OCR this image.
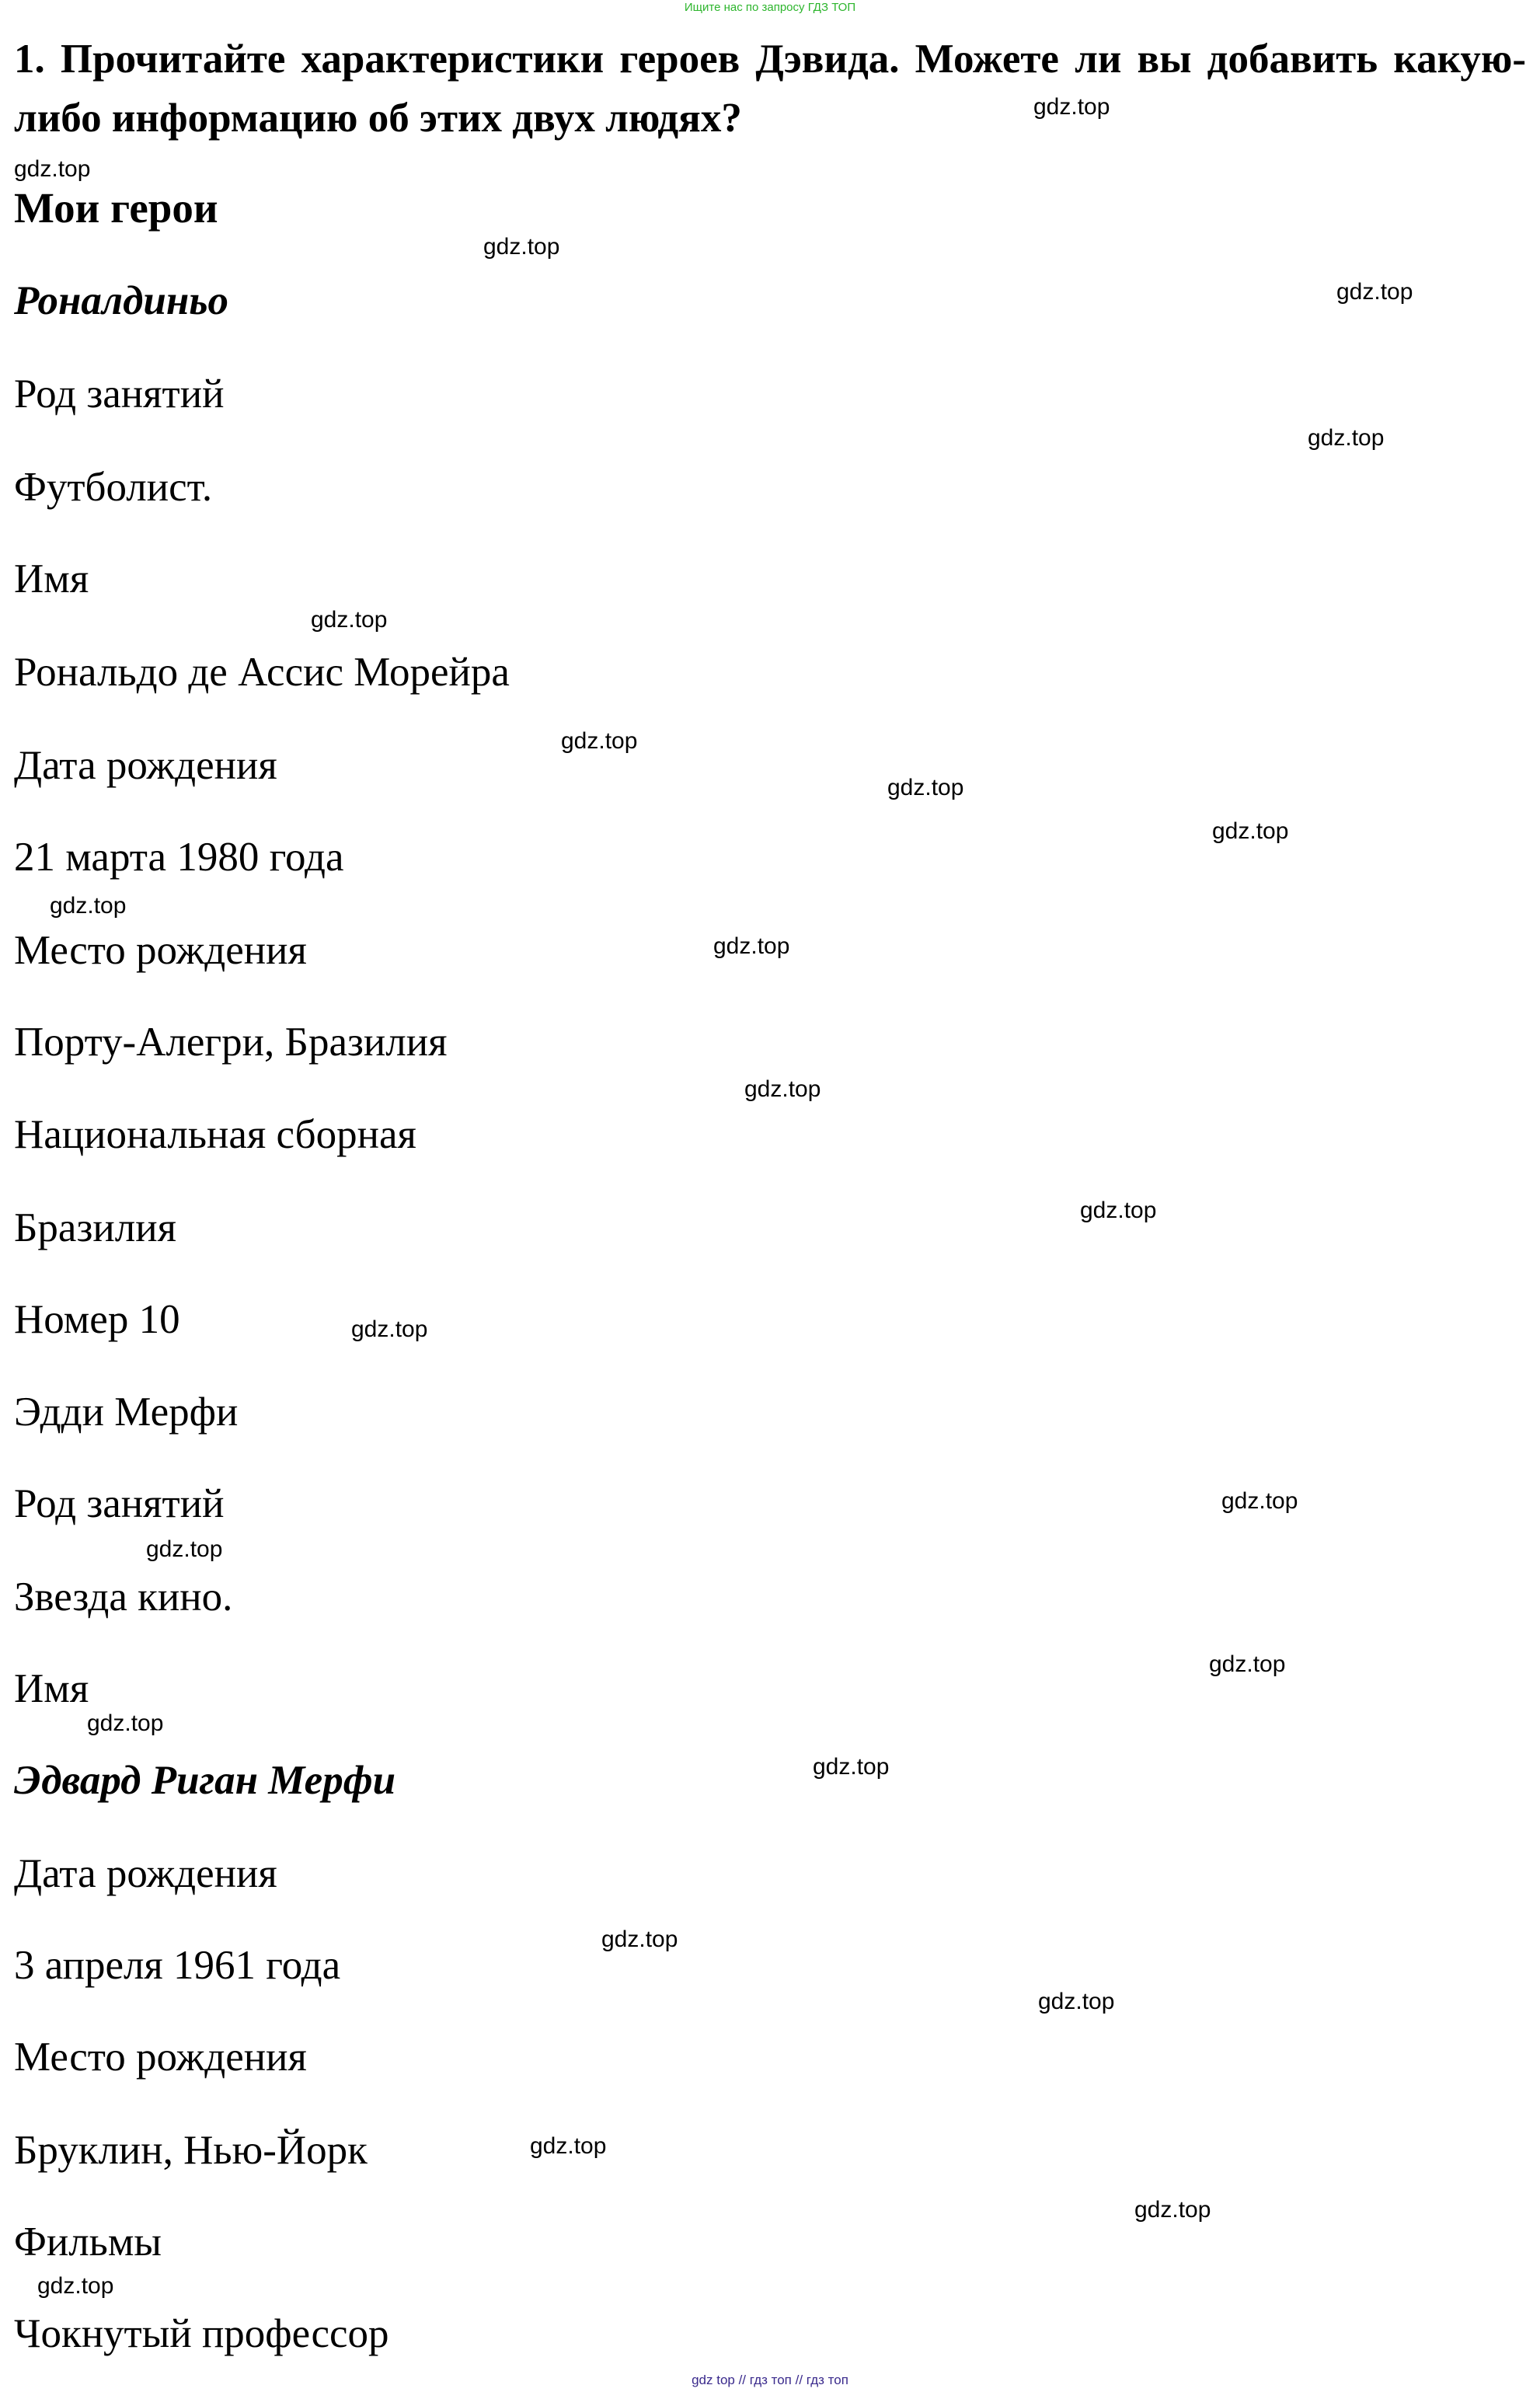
Ищите нас по запросу ГДЗ ТОП

1. Прочитайте характеристики героев Дэвида. Можете ли вы добавить какую-либо информацию об этих двух людях?

Мои герои
Роналдиньо
Род занятий
Футболист.
Имя
Рональдо де Ассис Морейра
Дата рождения
21 марта 1980 года
Место рождения
Порту-Алегри, Бразилия
Национальная сборная
Бразилия
Номер 10
Эдди Мерфи
Род занятий
Звезда кино.
Имя
Эдвард Риган Мерфи
Дата рождения
3 апреля 1961 года
Место рождения
Бруклин, Нью-Йорк
Фильмы
Чокнутый профессор
gdz.top
gdz.top
gdz.top
gdz.top
gdz.top
gdz.top
gdz.top
gdz.top
gdz.top
gdz.top
gdz.top
gdz.top
gdz.top
gdz.top
gdz.top
gdz.top
gdz.top
gdz.top
gdz.top
gdz.top
gdz.top
gdz.top
gdz.top
gdz.top
gdz top // гдз топ // гдз топ
